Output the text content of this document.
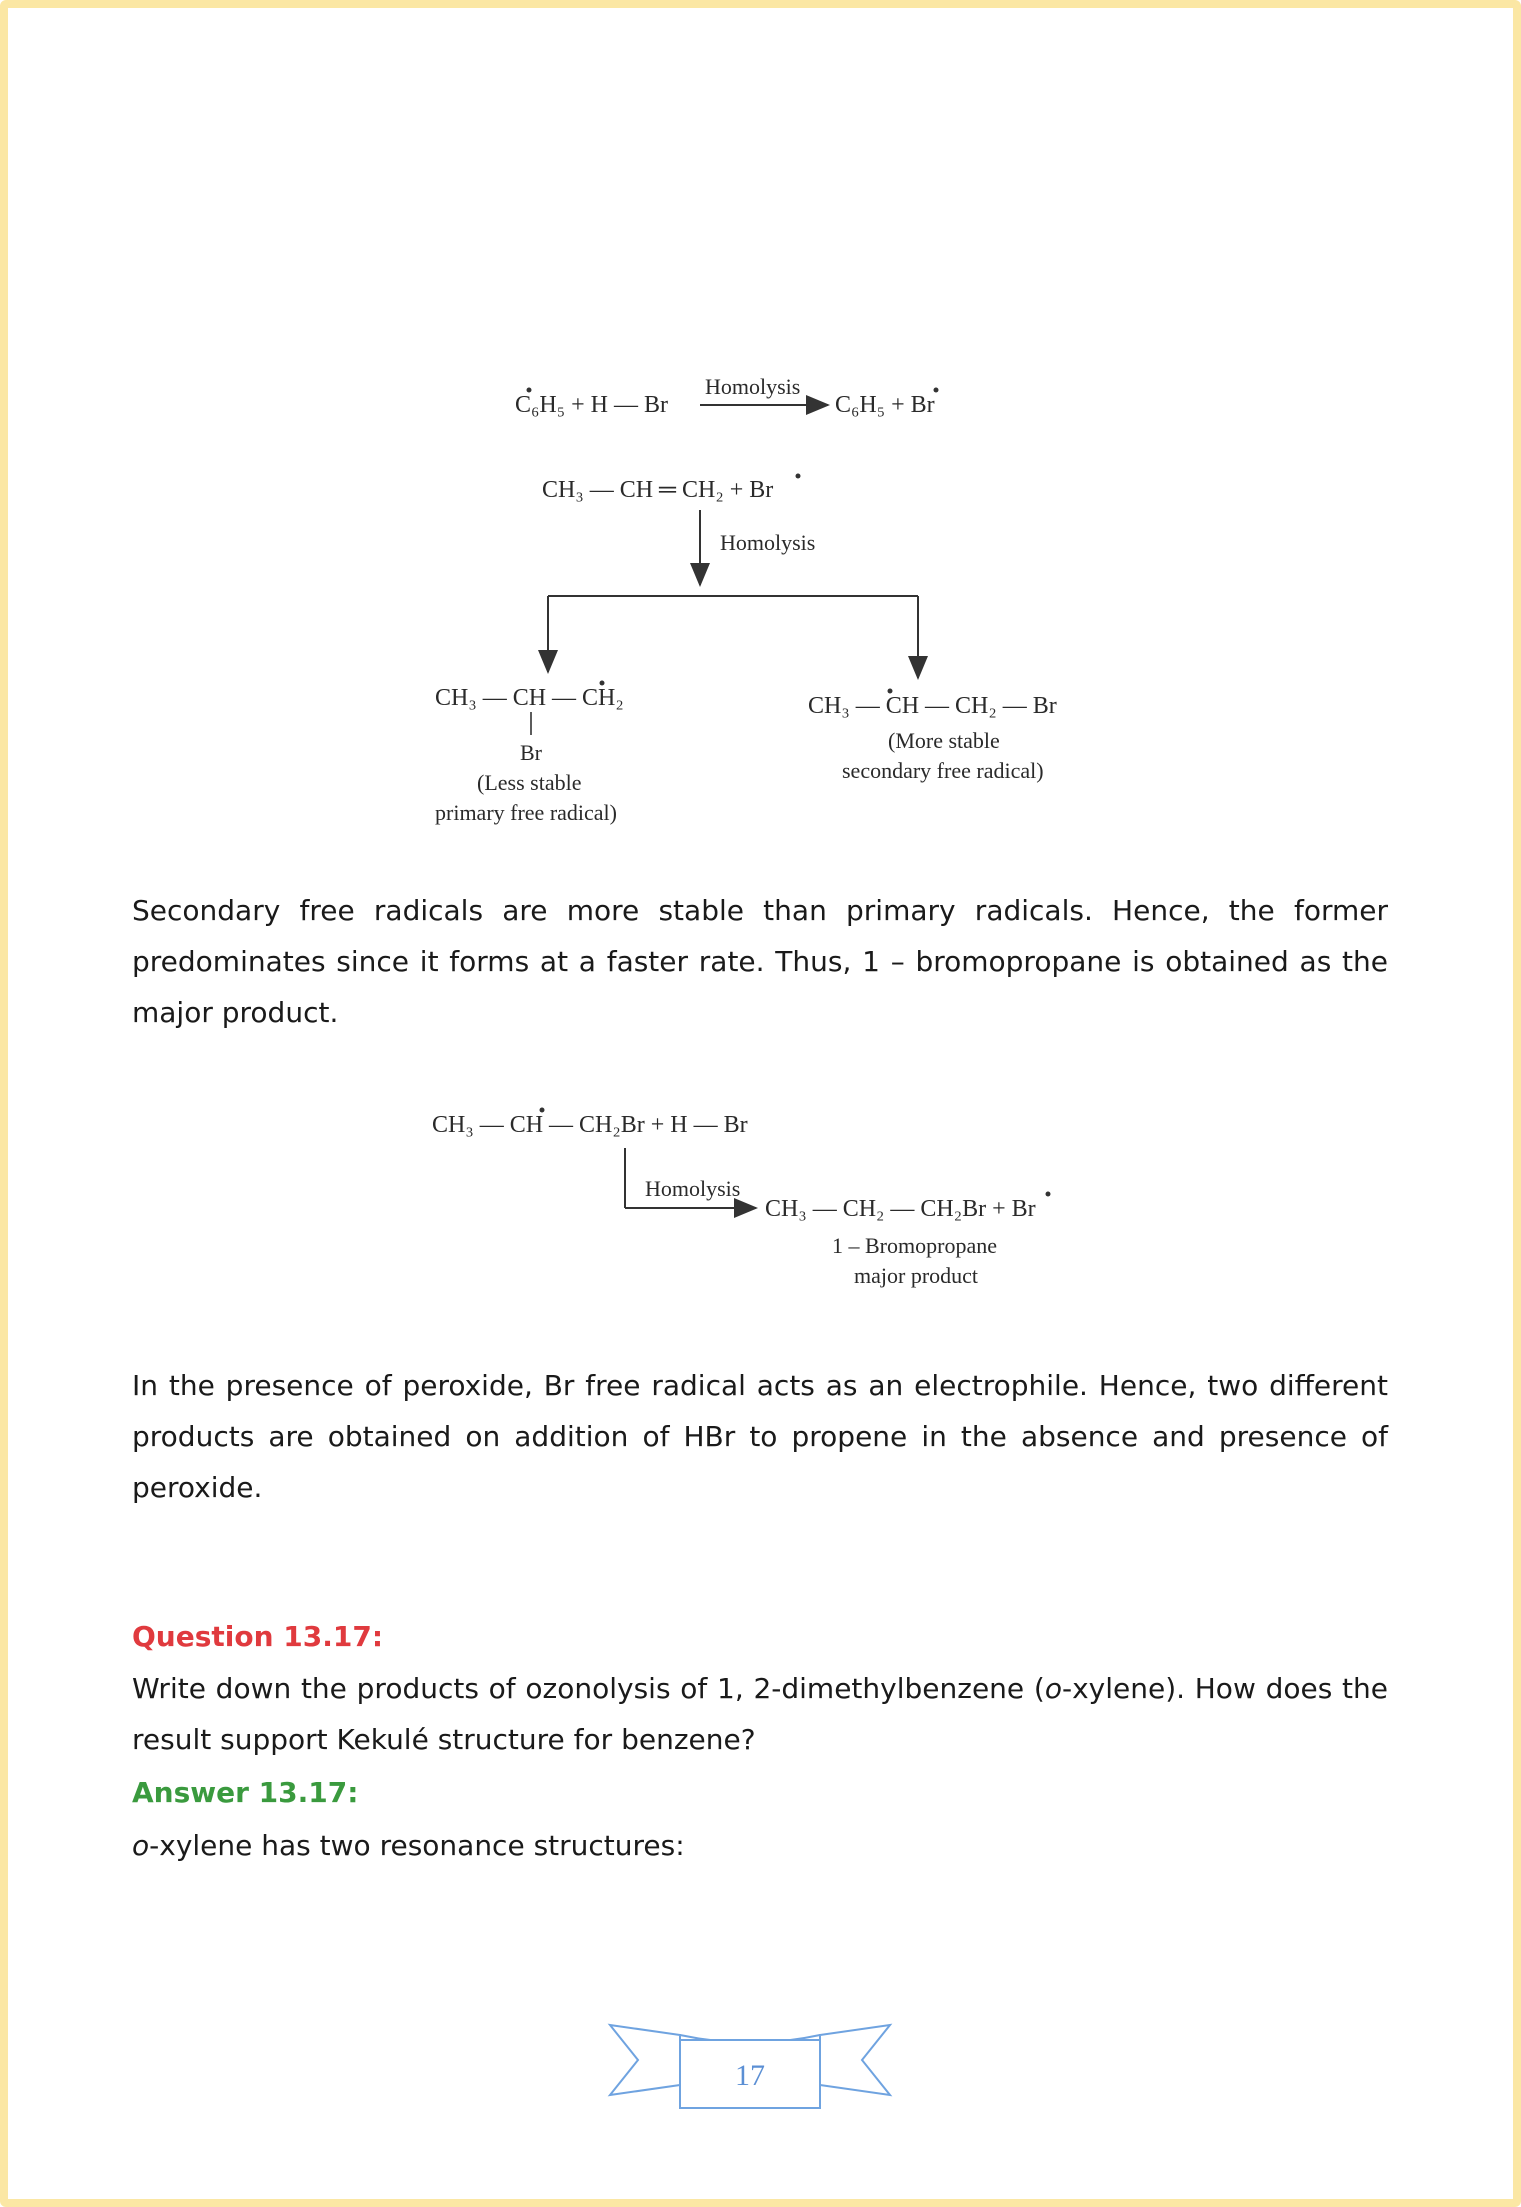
C₆H₅ + H — Br
Homolysis
C₆H₅ + Br
CH₃ — CH ═ CH₂ + Br
Homolysis
CH₃ — CH — CH₂
Br
(Less stable
primary free radical)
CH₃ — CH — CH₂ — Br
(More stable
secondary free radical)

Secondary free radicals are more stable than primary radicals. Hence, the former predominates since it forms at a faster rate. Thus, 1 – bromopropane is obtained as the major product.

CH₃ — CH — CH₂Br + H — Br
Homolysis
CH₃ — CH₂ — CH₂Br + Br
1 – Bromopropane
major product

In the presence of peroxide, Br free radical acts as an electrophile. Hence, two different products are obtained on addition of HBr to propene in the absence and presence of peroxide.

Question 13.17:

Write down the products of ozonolysis of 1, 2-dimethylbenzene (o-xylene). How does the result support Kekulé structure for benzene?

Answer 13.17:

o-xylene has two resonance structures:

17
